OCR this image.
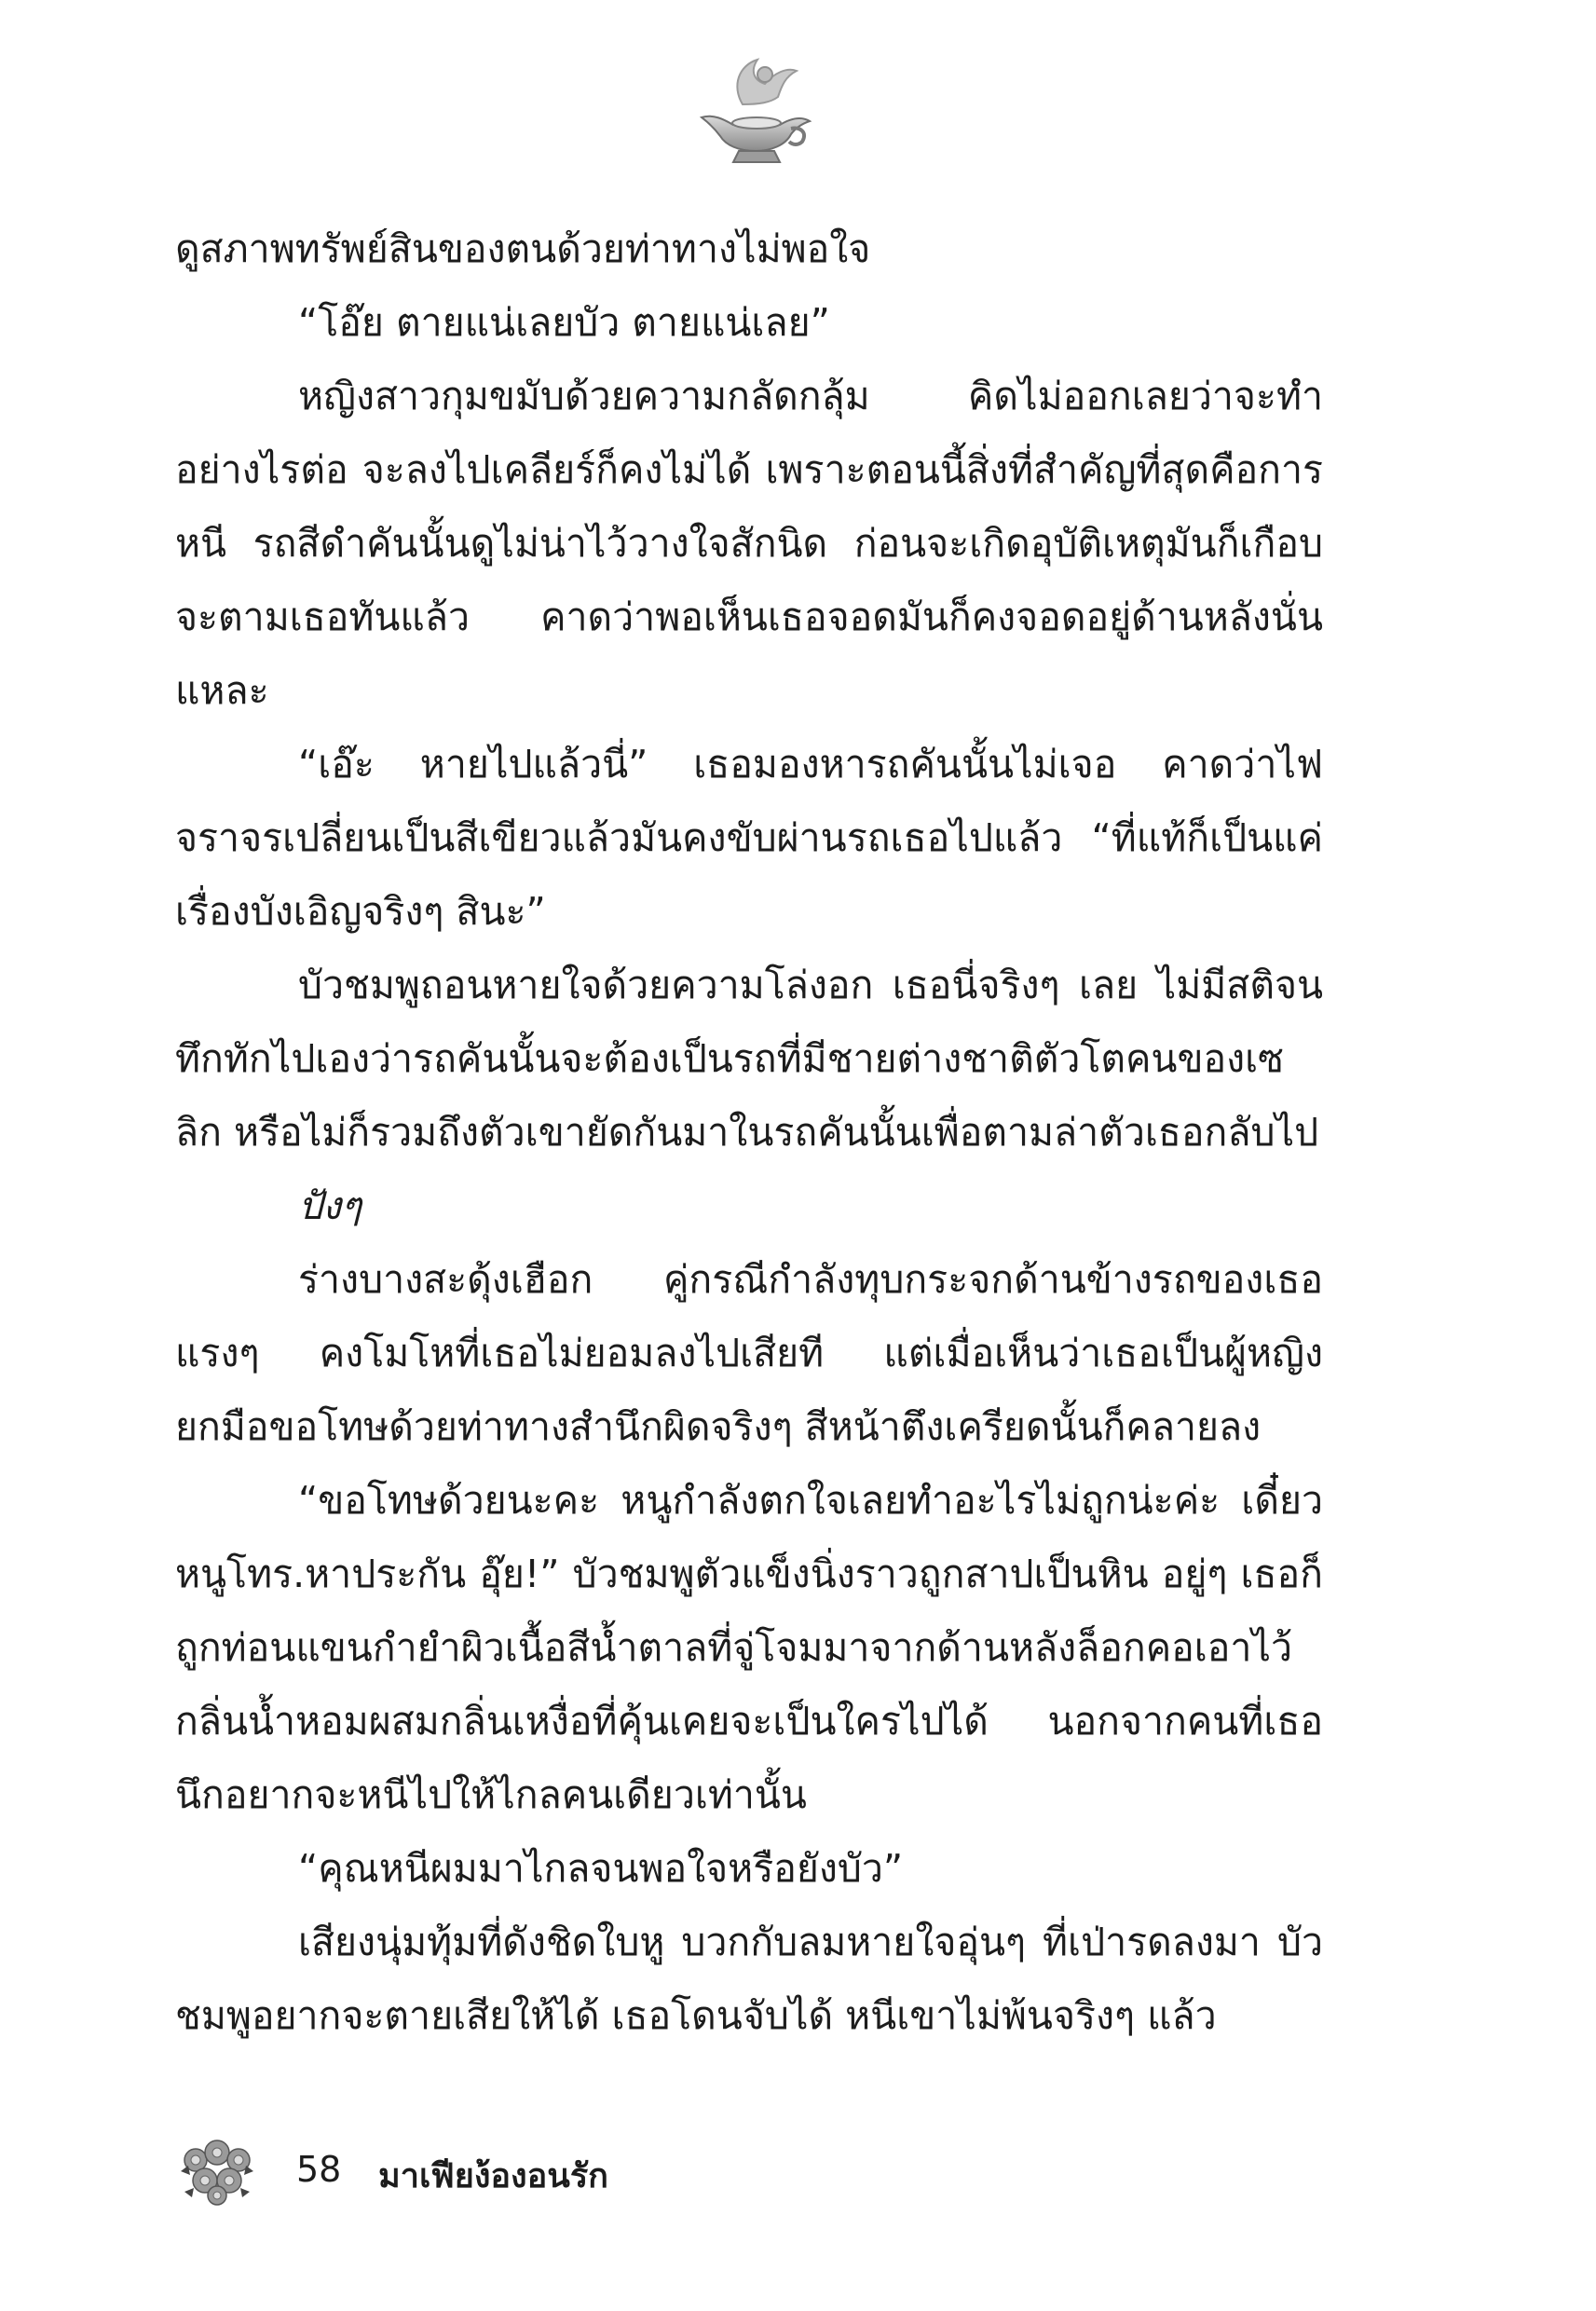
ดูสภาพทรัพย์สินของตนด้วยท่าทางไม่พอใจ

“โอ๊ย ตายแน่เลยบัว ตายแน่เลย”

หญิงสาวกุมขมับด้วยความกลัดกลุ้ม คิดไม่ออกเลยว่าจะทำอย่างไรต่อ จะลงไปเคลียร์ก็คงไม่ได้ เพราะตอนนี้สิ่งที่สำคัญที่สุดคือการหนี รถสีดำคันนั้นดูไม่น่าไว้วางใจสักนิด ก่อนจะเกิดอุบัติเหตุมันก็เกือบจะตามเธอทันแล้ว คาดว่าพอเห็นเธอจอดมันก็คงจอดอยู่ด้านหลังนั่นแหละ

“เอ๊ะ หายไปแล้วนี่” เธอมองหารถคันนั้นไม่เจอ คาดว่าไฟจราจรเปลี่ยนเป็นสีเขียวแล้วมันคงขับผ่านรถเธอไปแล้ว “ที่แท้ก็เป็นแค่เรื่องบังเอิญจริงๆ สินะ”

บัวชมพูถอนหายใจด้วยความโล่งอก เธอนี่จริงๆ เลย ไม่มีสติจนทึกทักไปเองว่ารถคันนั้นจะต้องเป็นรถที่มีชายต่างชาติตัวโตคนของเซลิก หรือไม่ก็รวมถึงตัวเขายัดกันมาในรถคันนั้นเพื่อตามล่าตัวเธอกลับไป

ปังๆ

ร่างบางสะดุ้งเฮือก คู่กรณีกำลังทุบกระจกด้านข้างรถของเธอแรงๆ คงโมโหที่เธอไม่ยอมลงไปเสียที แต่เมื่อเห็นว่าเธอเป็นผู้หญิง ยกมือขอโทษด้วยท่าทางสำนึกผิดจริงๆ สีหน้าตึงเครียดนั้นก็คลายลง

“ขอโทษด้วยนะคะ หนูกำลังตกใจเลยทำอะไรไม่ถูกน่ะค่ะ เดี๋ยวหนูโทร.หาประกัน อุ๊ย!” บัวชมพูตัวแข็งนิ่งราวถูกสาปเป็นหิน อยู่ๆ เธอก็ถูกท่อนแขนกำยำผิวเนื้อสีน้ำตาลที่จู่โจมมาจากด้านหลังล็อกคอเอาไว้ กลิ่นน้ำหอมผสมกลิ่นเหงื่อที่คุ้นเคยจะเป็นใครไปได้ นอกจากคนที่เธอนึกอยากจะหนีไปให้ไกลคนเดียวเท่านั้น

“คุณหนีผมมาไกลจนพอใจหรือยังบัว”

เสียงนุ่มทุ้มที่ดังชิดใบหู บวกกับลมหายใจอุ่นๆ ที่เป่ารดลงมา บัวชมพูอยากจะตายเสียให้ได้ เธอโดนจับได้ หนีเขาไม่พ้นจริงๆ แล้ว

58 มาเฟียง้องอนรัก
